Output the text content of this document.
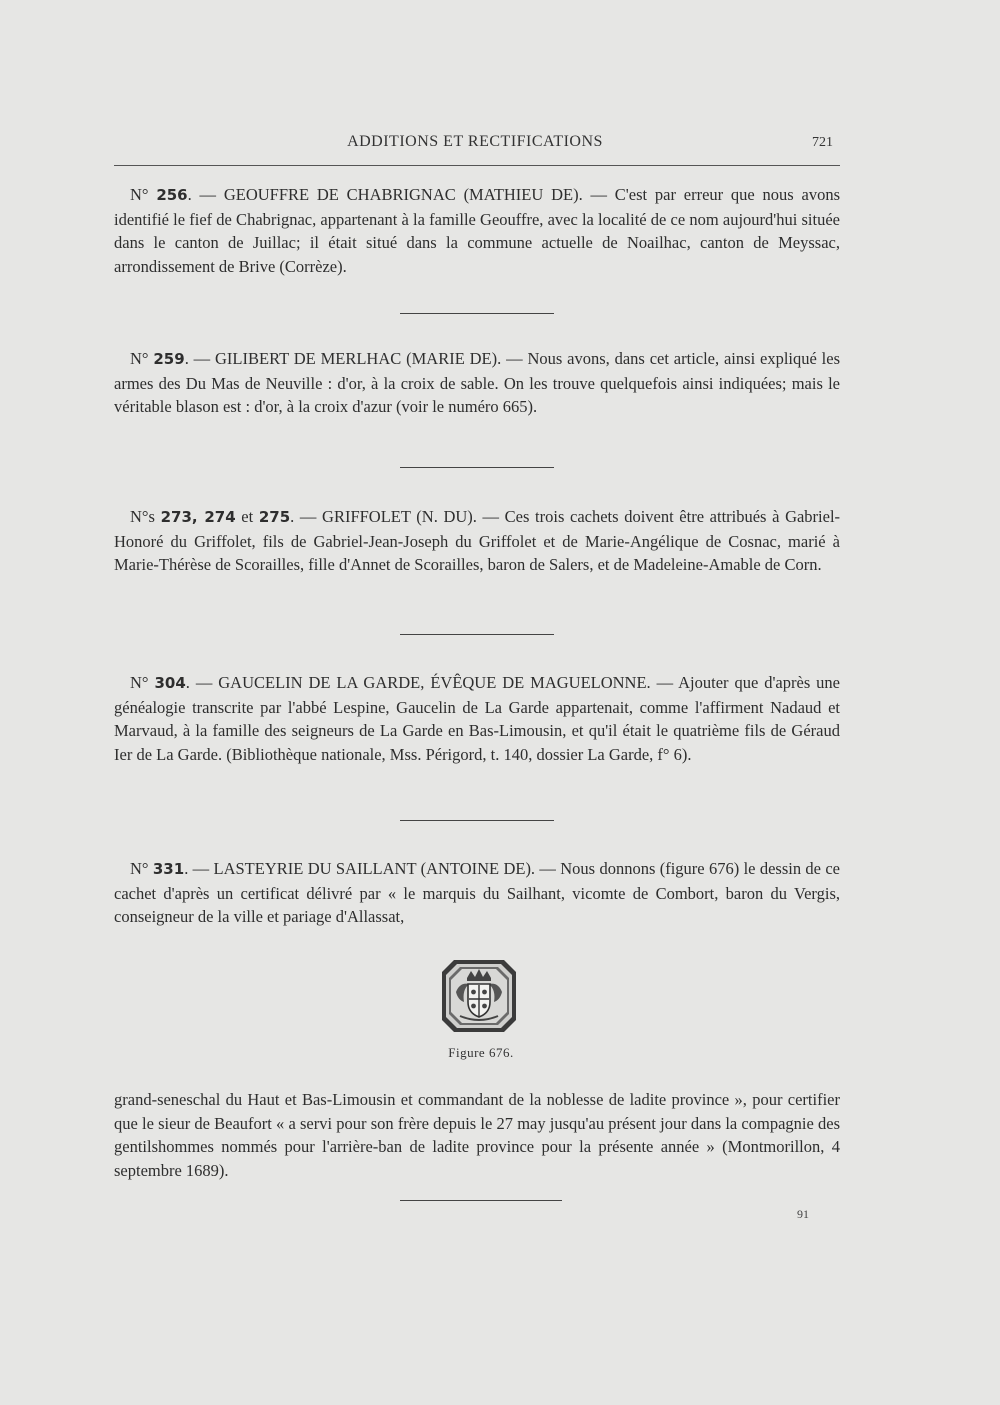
ADDITIONS ET RECTIFICATIONS	721
N° 256. — GEOUFFRE DE CHABRIGNAC (MATHIEU DE). — C'est par erreur que nous avons identifié le fief de Chabrignac, appartenant à la famille Geouffre, avec la localité de ce nom aujourd'hui située dans le canton de Juillac; il était situé dans la commune actuelle de Noailhac, canton de Meyssac, arrondissement de Brive (Corrèze).
N° 259. — GILIBERT DE MERLHAC (MARIE DE). — Nous avons, dans cet article, ainsi expliqué les armes des Du Mas de Neuville : d'or, à la croix de sable. On les trouve quelquefois ainsi indiquées; mais le véritable blason est : d'or, à la croix d'azur (voir le numéro 665).
N°s 273, 274 et 275. — GRIFFOLET (N. DU). — Ces trois cachets doivent être attribués à Gabriel-Honoré du Griffolet, fils de Gabriel-Jean-Joseph du Griffolet et de Marie-Angélique de Cosnac, marié à Marie-Thérèse de Scorailles, fille d'Annet de Scorailles, baron de Salers, et de Madeleine-Amable de Corn.
N° 304. — GAUCELIN DE LA GARDE, ÉVÊQUE DE MAGUELONNE. — Ajouter que d'après une généalogie transcrite par l'abbé Lespine, Gaucelin de La Garde appartenait, comme l'affirment Nadaud et Marvaud, à la famille des seigneurs de La Garde en Bas-Limousin, et qu'il était le quatrième fils de Géraud Ier de La Garde. (Bibliothèque nationale, Mss. Périgord, t. 140, dossier La Garde, f° 6).
N° 331. — LASTEYRIE DU SAILLANT (ANTOINE DE). — Nous donnons (figure 676) le dessin de ce cachet d'après un certificat délivré par « le marquis du Sailhant, vicomte de Combort, baron du Vergis, conseigneur de la ville et pariage d'Allassat,
Figure 676.
grand-seneschal du Haut et Bas-Limousin et commandant de la noblesse de ladite province », pour certifier que le sieur de Beaufort « a servi pour son frère depuis le 27 may jusqu'au présent jour dans la compagnie des gentilshommes nommés pour l'arrière-ban de ladite province pour la présente année » (Montmorillon, 4 septembre 1689).
91
